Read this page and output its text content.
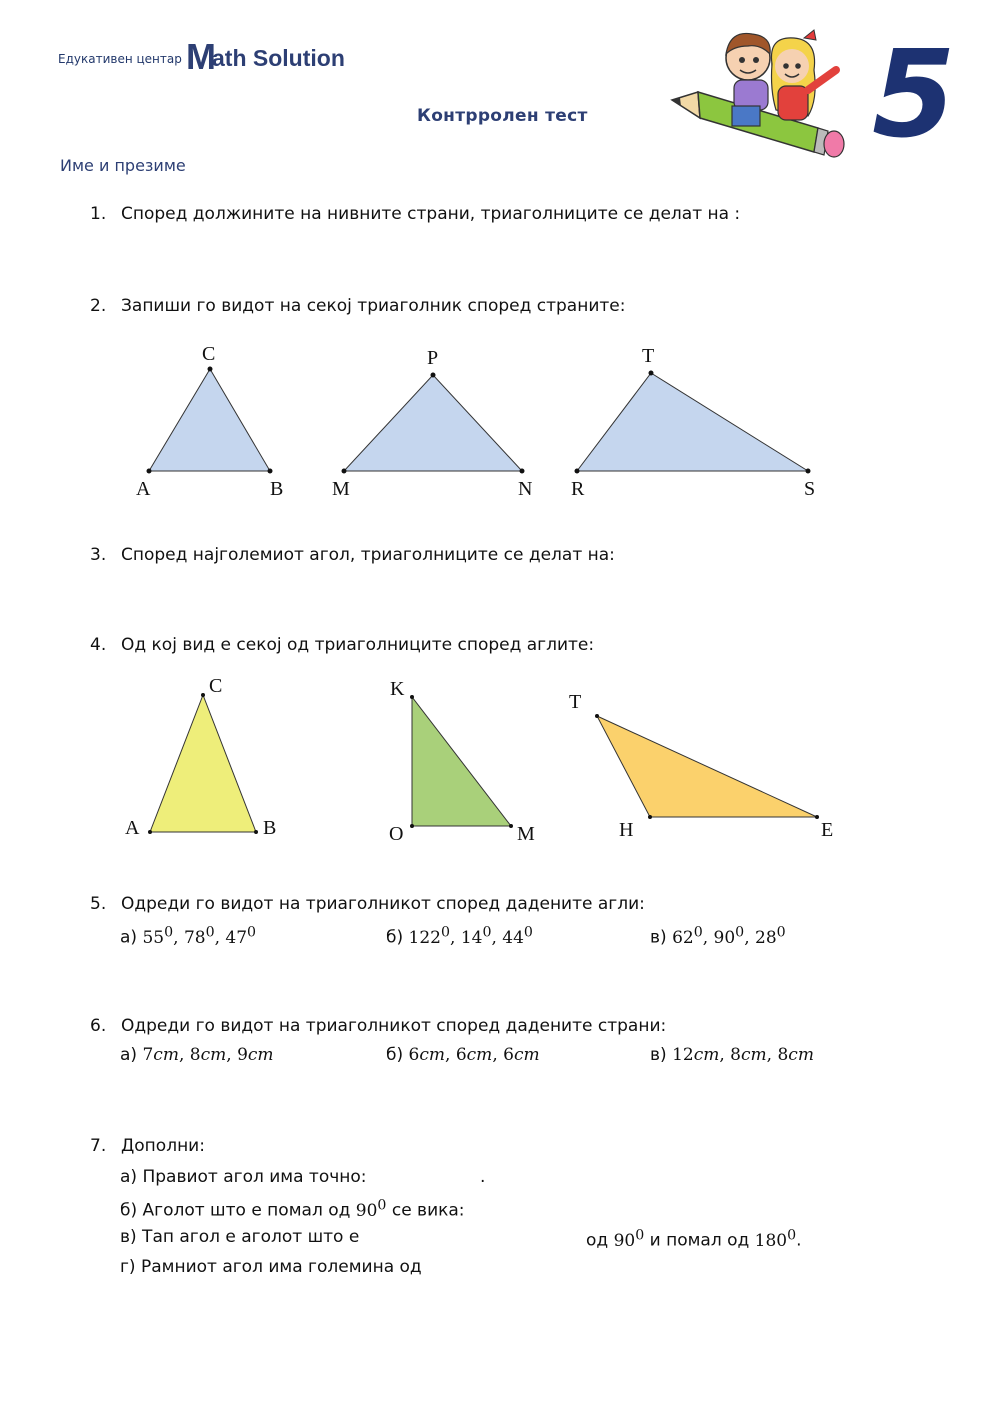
Едукативен центар M
ath Solution
Контрролен тест
Име и презиме
5
1. Според должините на нивните страни, триаголниците се делат на :
2. Запиши го видот на секој триаголник според страните:
A	B
C
M	N
P
R	S
T
3. Според најголемиот агол, триаголниците се делат на:
4. Од кој вид е секој од триаголниците според аглите:
A	B
C
O	M
K
H	E
T
5. Одреди го видот на триаголникот според дадените агли:
а) $55^0$, $78^0$, $47^0$	б) $122^0$, $14^0$, $44^0$	в) $62^0$, $90^0$, $28^0$
6. Одреди го видот на триаголникот според дадените страни:
а) 7cm, 8cm, 9cm	б) 6cm, 6cm, 6cm	в) 12cm, 8cm, 8cm
7. Дополни:
а) Правиот агол има точно:	.
б) Аголот што е помал од $90^0$ се вика:
в) Тап агол е аголот што е	од $90^0$ и помал од $180^0$.
г) Рамниот агол има големина од
